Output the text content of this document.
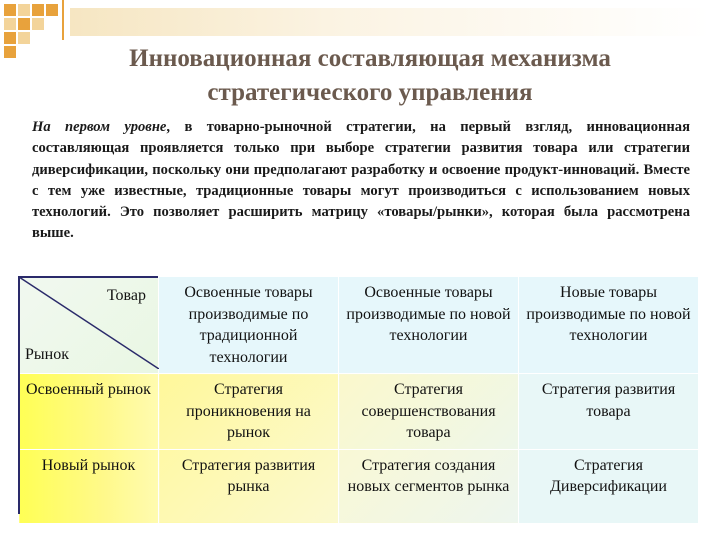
Инновационная составляющая механизма
стратегического управления
На первом уровне, в товарно-рыночной стратегии, на первый взгляд, инновационная составляющая проявляется только при выборе стратегии развития товара или стратегии диверсификации, поскольку они предполагают разработку и освоение продукт-инноваций. Вместе с тем уже известные, традиционные товары могут производиться с использованием новых технологий. Это позволяет расширить матрицу «товары/рынки», которая была рассмотрена выше.
Товар
Рынок	Освоенные товары производимые по традиционной технологии	Освоенные товары производимые по новой технологии	Новые товары производимые по новой технологии
Освоенный рынок	Стратегия проникновения на рынок	Стратегия совершенствования товара	Стратегия развития товара
Новый рынок	Стратегия развития рынка	Стратегия создания новых сегментов рынка	Стратегия Диверсификации
